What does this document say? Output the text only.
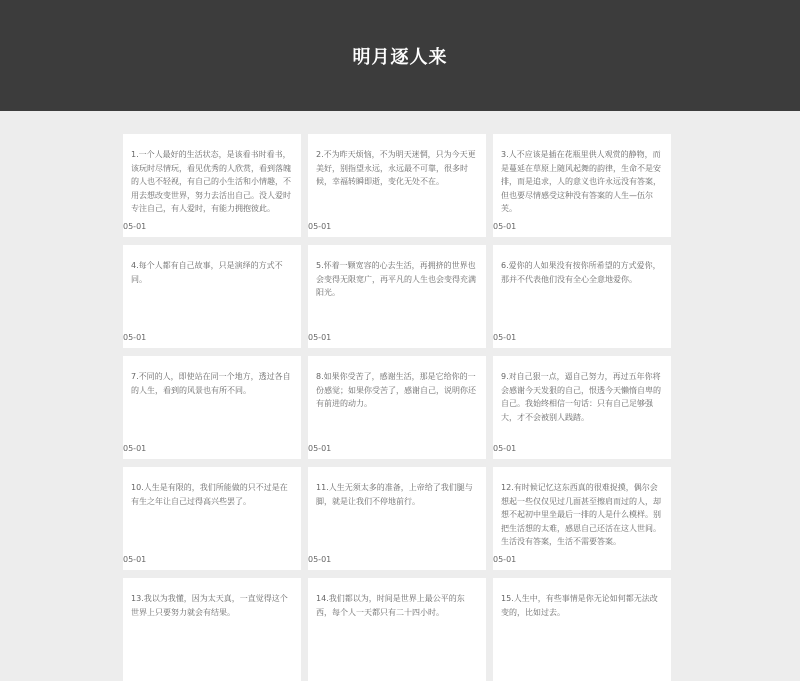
明月逐人来
1.一个人最好的生活状态，是该看书时看书，该玩时尽情玩，看见优秀的人欣赏，看到落魄的人也不轻视，有自己的小生活和小情趣，不用去想改变世界，努力去活出自己。没人爱时专注自己，有人爱时，有能力拥抱彼此。
05-01
2.不为昨天烦恼，不为明天迷惘，只为今天更美好，别指望永远，永远最不可靠，很多时候，幸福转瞬即逝，变化无处不在。
05-01
3.人不应该是插在花瓶里供人观赏的静物，而是蔓延在草原上随风起舞的韵律，生命不是安排，而是追求，人的意义也许永远没有答案，但也要尽情感受这种没有答案的人生—伍尔芙。
05-01
4.每个人都有自己故事，只是演绎的方式不同。
05-01
5.怀着一颗宽容的心去生活，再拥挤的世界也会变得无限宽广，再平凡的人生也会变得充满阳光。
05-01
6.爱你的人如果没有按你所希望的方式爱你，那并不代表他们没有全心全意地爱你。
05-01
7.不同的人，即使站在同一个地方，透过各自的人生，看到的风景也有所不同。
05-01
8.如果你受苦了，感谢生活，那是它给你的一份感觉；如果你受苦了，感谢自己，说明你还有前进的动力。
05-01
9.对自己狠一点，逼自己努力，再过五年你将会感谢今天发狠的自己，恨透今天懒惰自卑的自己。我始终相信一句话：只有自己足够强大，才不会被别人践踏。
05-01
10.人生是有限的，我们所能做的只不过是在有生之年让自己过得高兴些罢了。
05-01
11.人生无须太多的准备，上帝给了我们腿与脚，就是让我们不停地前行。
05-01
12.有时候记忆这东西真的很难捉摸，偶尔会想起一些仅仅见过几面甚至擦肩而过的人，却想不起初中里坐最后一排的人是什么模样。别把生活想的太难，感恩自己还活在这人世间。生活没有答案，生活不需要答案。
05-01
13.我以为我懂，因为太天真，一直觉得这个世界上只要努力就会有结果。
14.我们都以为，时间是世界上最公平的东西，每个人一天都只有二十四小时。
15.人生中，有些事情是你无论如何都无法改变的，比如过去。
